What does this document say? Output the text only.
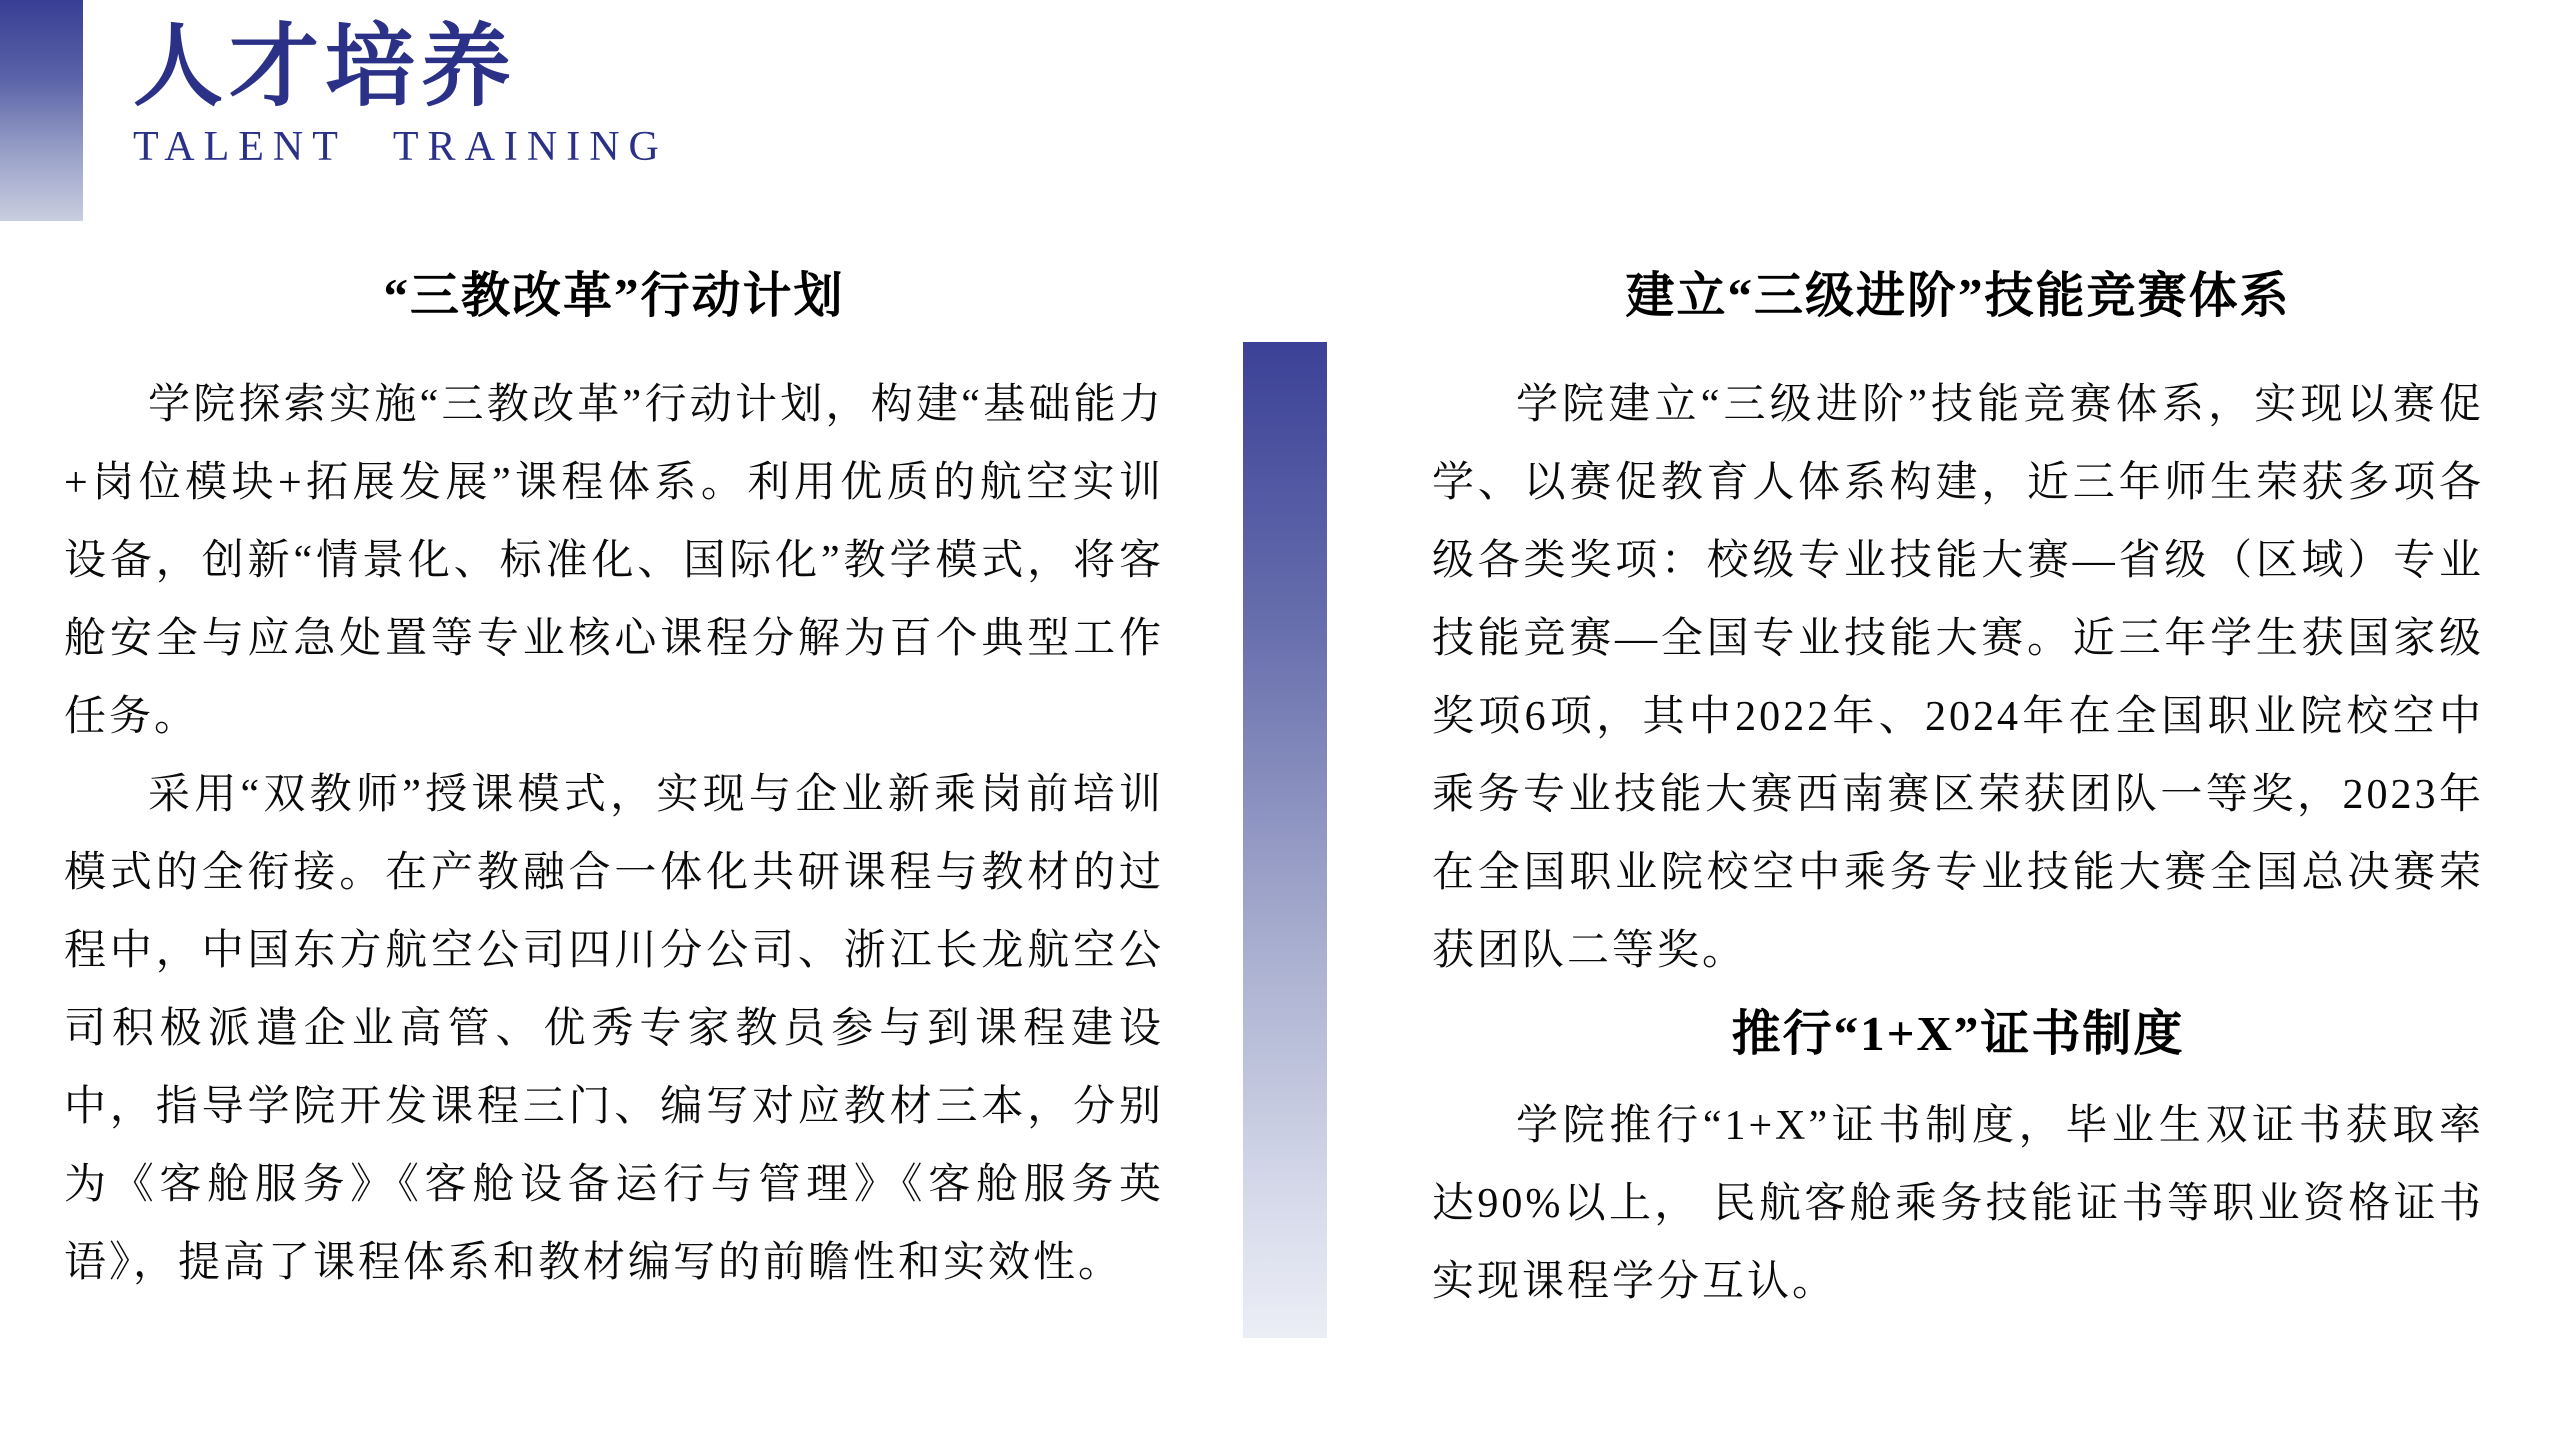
人才培养
TALENT TRAINING
“三教改革”行动计划

学院探索实施“三教改革”行动计划，构建“基础能力+岗位模块+拓展发展”课程体系。利用优质的航空实训设备，创新“情景化、标准化、国际化”教学模式，将客舱安全与应急处置等专业核心课程分解为百个典型工作任务。

采用“双教师”授课模式，实现与企业新乘岗前培训模式的全衔接。在产教融合一体化共研课程与教材的过程中，中国东方航空公司四川分公司、浙江长龙航空公司积极派遣企业高管、优秀专家教员参与到课程建设中，指导学院开发课程三门、编写对应教材三本，分别为《客舱服务》《客舱设备运行与管理》《客舱服务英语》，提高了课程体系和教材编写的前瞻性和实效性。

建立“三级进阶”技能竞赛体系

学院建立“三级进阶”技能竞赛体系，实现以赛促学、以赛促教育人体系构建，近三年师生荣获多项各级各类奖项：校级专业技能大赛—省级（区域）专业技能竞赛—全国专业技能大赛。近三年学生获国家级奖项6项，其中2022年、2024年在全国职业院校空中乘务专业技能大赛西南赛区荣获团队一等奖，2023年在全国职业院校空中乘务专业技能大赛全国总决赛荣获团队二等奖。

推行“1+X”证书制度

学院推行“1+X”证书制度，毕业生双证书获取率达90%以上， 民航客舱乘务技能证书等职业资格证书实现课程学分互认。
